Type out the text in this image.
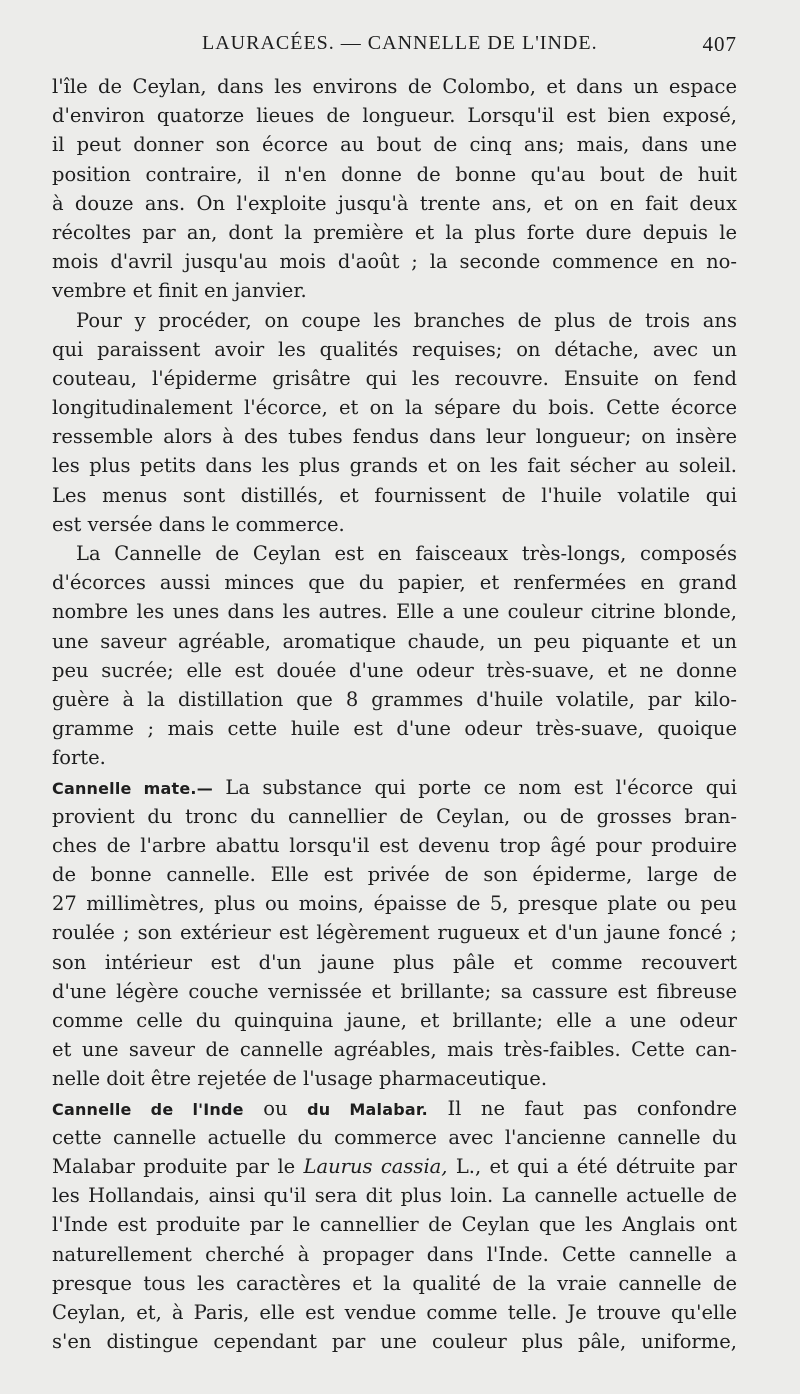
LAURACÉES. — CANNELLE DE L'INDE.	407
l'île de Ceylan, dans les environs de Colombo, et dans un espace
d'environ quatorze lieues de longueur. Lorsqu'il est bien exposé,
il peut donner son écorce au bout de cinq ans; mais, dans une
position contraire, il n'en donne de bonne qu'au bout de huit
à douze ans. On l'exploite jusqu'à trente ans, et on en fait deux
récoltes par an, dont la première et la plus forte dure depuis le
mois d'avril jusqu'au mois d'août ; la seconde commence en no-
vembre et finit en janvier.
Pour y procéder, on coupe les branches de plus de trois ans
qui paraissent avoir les qualités requises; on détache, avec un
couteau, l'épiderme grisâtre qui les recouvre. Ensuite on fend
longitudinalement l'écorce, et on la sépare du bois. Cette écorce
ressemble alors à des tubes fendus dans leur longueur; on insère
les plus petits dans les plus grands et on les fait sécher au soleil.
Les menus sont distillés, et fournissent de l'huile volatile qui
est versée dans le commerce.
La Cannelle de Ceylan est en faisceaux très-longs, composés
d'écorces aussi minces que du papier, et renfermées en grand
nombre les unes dans les autres. Elle a une couleur citrine blonde,
une saveur agréable, aromatique chaude, un peu piquante et un
peu sucrée; elle est douée d'une odeur très-suave, et ne donne
guère à la distillation que 8 grammes d'huile volatile, par kilo-
gramme ; mais cette huile est d'une odeur très-suave, quoique
forte.
Cannelle mate.— La substance qui porte ce nom est l'écorce qui
provient du tronc du cannellier de Ceylan, ou de grosses bran-
ches de l'arbre abattu lorsqu'il est devenu trop âgé pour produire
de bonne cannelle. Elle est privée de son épiderme, large de
27 millimètres, plus ou moins, épaisse de 5, presque plate ou peu
roulée ; son extérieur est légèrement rugueux et d'un jaune foncé ;
son intérieur est d'un jaune plus pâle et comme recouvert
d'une légère couche vernissée et brillante; sa cassure est fibreuse
comme celle du quinquina jaune, et brillante; elle a une odeur
et une saveur de cannelle agréables, mais très-faibles. Cette can-
nelle doit être rejetée de l'usage pharmaceutique.
Cannelle de l'Inde ou du Malabar. Il ne faut pas confondre
cette cannelle actuelle du commerce avec l'ancienne cannelle du
Malabar produite par le Laurus cassia, L., et qui a été détruite par
les Hollandais, ainsi qu'il sera dit plus loin. La cannelle actuelle de
l'Inde est produite par le cannellier de Ceylan que les Anglais ont
naturellement cherché à propager dans l'Inde. Cette cannelle a
presque tous les caractères et la qualité de la vraie cannelle de
Ceylan, et, à Paris, elle est vendue comme telle. Je trouve qu'elle
s'en distingue cependant par une couleur plus pâle, uniforme,
